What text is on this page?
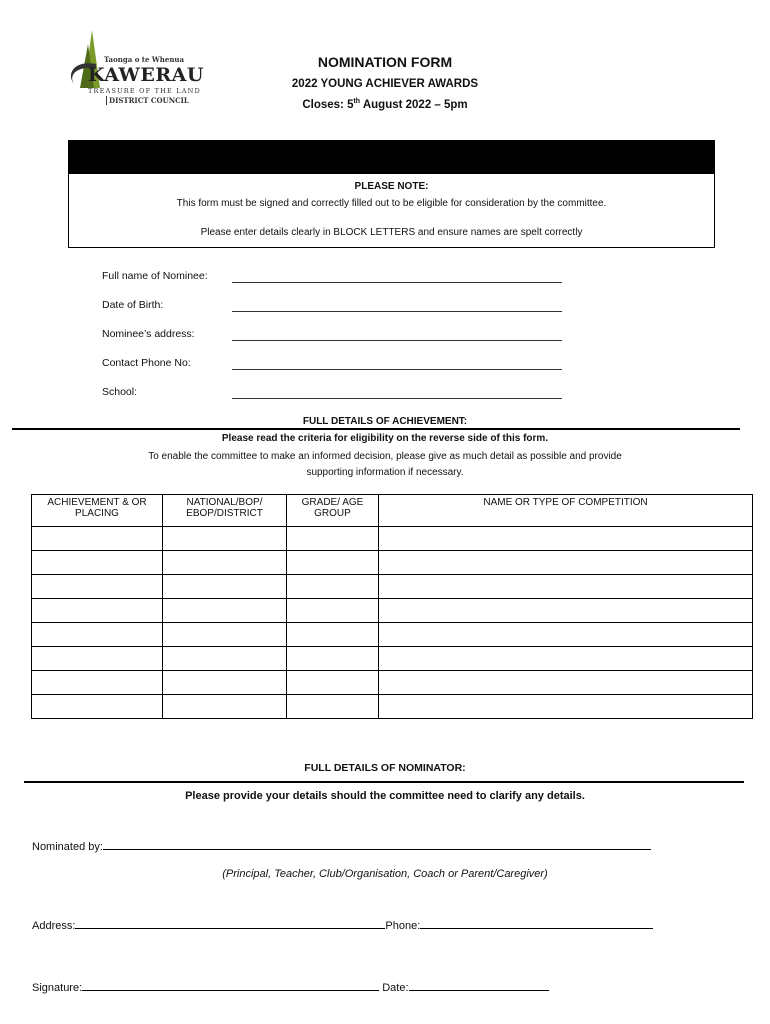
Taonga o te Whenua
KAWERAU
TREASURE OF THE LAND
DISTRICT COUNCIL
NOMINATION FORM
2022 YOUNG ACHIEVER AWARDS
Closes: 5th August 2022 – 5pm
PLEASE NOTE:
This form must be signed and correctly filled out to be eligible for consideration by the committee.
Please enter details clearly in BLOCK LETTERS and ensure names are spelt correctly
Full name of Nominee:
Date of Birth:
Nominee’s address:
Contact Phone No:
School:
FULL DETAILS OF ACHIEVEMENT:
Please read the criteria for eligibility on the reverse side of this form.
To enable the committee to make an informed decision, please give as much detail as possible and provide
supporting information if necessary.
ACHIEVEMENT & OR PLACING	NATIONAL/BOP/ EBOP/DISTRICT	GRADE/ AGE GROUP	NAME OR TYPE OF COMPETITION

FULL DETAILS OF NOMINATOR:
Please provide your details should the committee need to clarify any details.
Nominated by:
(Principal, Teacher, Club/Organisation, Coach or Parent/Caregiver)
Address:	Phone:
Signature:	Date:
